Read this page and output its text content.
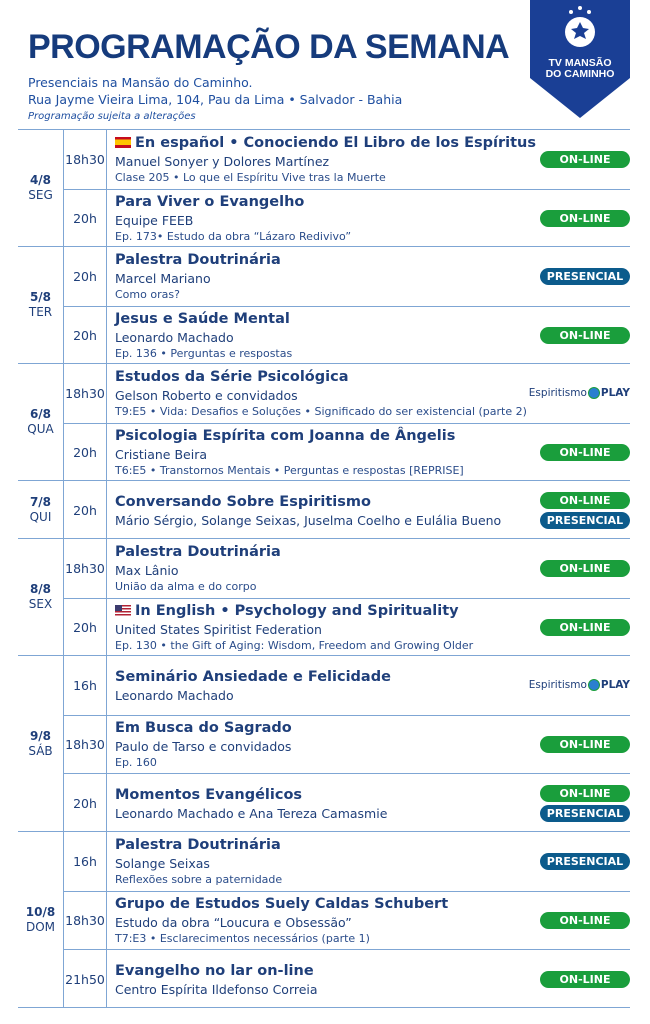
PROGRAMAÇÃO DA SEMANA
Presenciais na Mansão do Caminho.
Rua Jayme Vieira Lima, 104, Pau da Lima • Salvador - Bahia
Programação sujeita a alterações
TV MANSÃO
DO CAMINHO
4/8
SEG
18h30
En español • Conociendo El Libro de los Espíritus
Manuel Sonyer y Dolores Martínez
Clase 205 • Lo que el Espíritu Vive tras la Muerte
ON-LINE
20h
Para Viver o Evangelho
Equipe FEEB
Ep. 173• Estudo da obra “Lázaro Redivivo”
ON-LINE
5/8
TER
20h
Palestra Doutrinária
Marcel Mariano
Como oras?
PRESENCIAL
20h
Jesus e Saúde Mental
Leonardo Machado
Ep. 136 • Perguntas e respostas
ON-LINE
6/8
QUA
18h30
Estudos da Série Psicológica
Gelson Roberto e convidados
T9:E5 • Vida: Desafios e Soluções • Significado do ser existencial (parte 2)
Espiritismo PLAY
20h
Psicologia Espírita com Joanna de Ângelis
Cristiane Beira
T6:E5 • Transtornos Mentais • Perguntas e respostas [REPRISE]
ON-LINE
7/8
QUI	20h
Conversando Sobre Espiritismo
Mário Sérgio, Solange Seixas, Juselma Coelho e Eulália Bueno
ON-LINE
PRESENCIAL
8/8
SEX
18h30
Palestra Doutrinária
Max Lânio
União da alma e do corpo
ON-LINE
20h
In English • Psychology and Spirituality
United States Spiritist Federation
Ep. 130 • the Gift of Aging: Wisdom, Freedom and Growing Older
ON-LINE
9/8
SÁB
16h
Seminário Ansiedade e Felicidade
Leonardo Machado
Espiritismo PLAY
18h30
Em Busca do Sagrado
Paulo de Tarso e convidados
Ep. 160
ON-LINE
20h
Momentos Evangélicos
Leonardo Machado e Ana Tereza Camasmie
ON-LINE
PRESENCIAL
10/8
DOM
16h
Palestra Doutrinária
Solange Seixas
Reflexões sobre a paternidade
PRESENCIAL
18h30
Grupo de Estudos Suely Caldas Schubert
Estudo da obra “Loucura e Obsessão”
T7:E3 • Esclarecimentos necessários (parte 1)
ON-LINE
21h50
Evangelho no lar on-line
Centro Espírita Ildefonso Correia
ON-LINE
